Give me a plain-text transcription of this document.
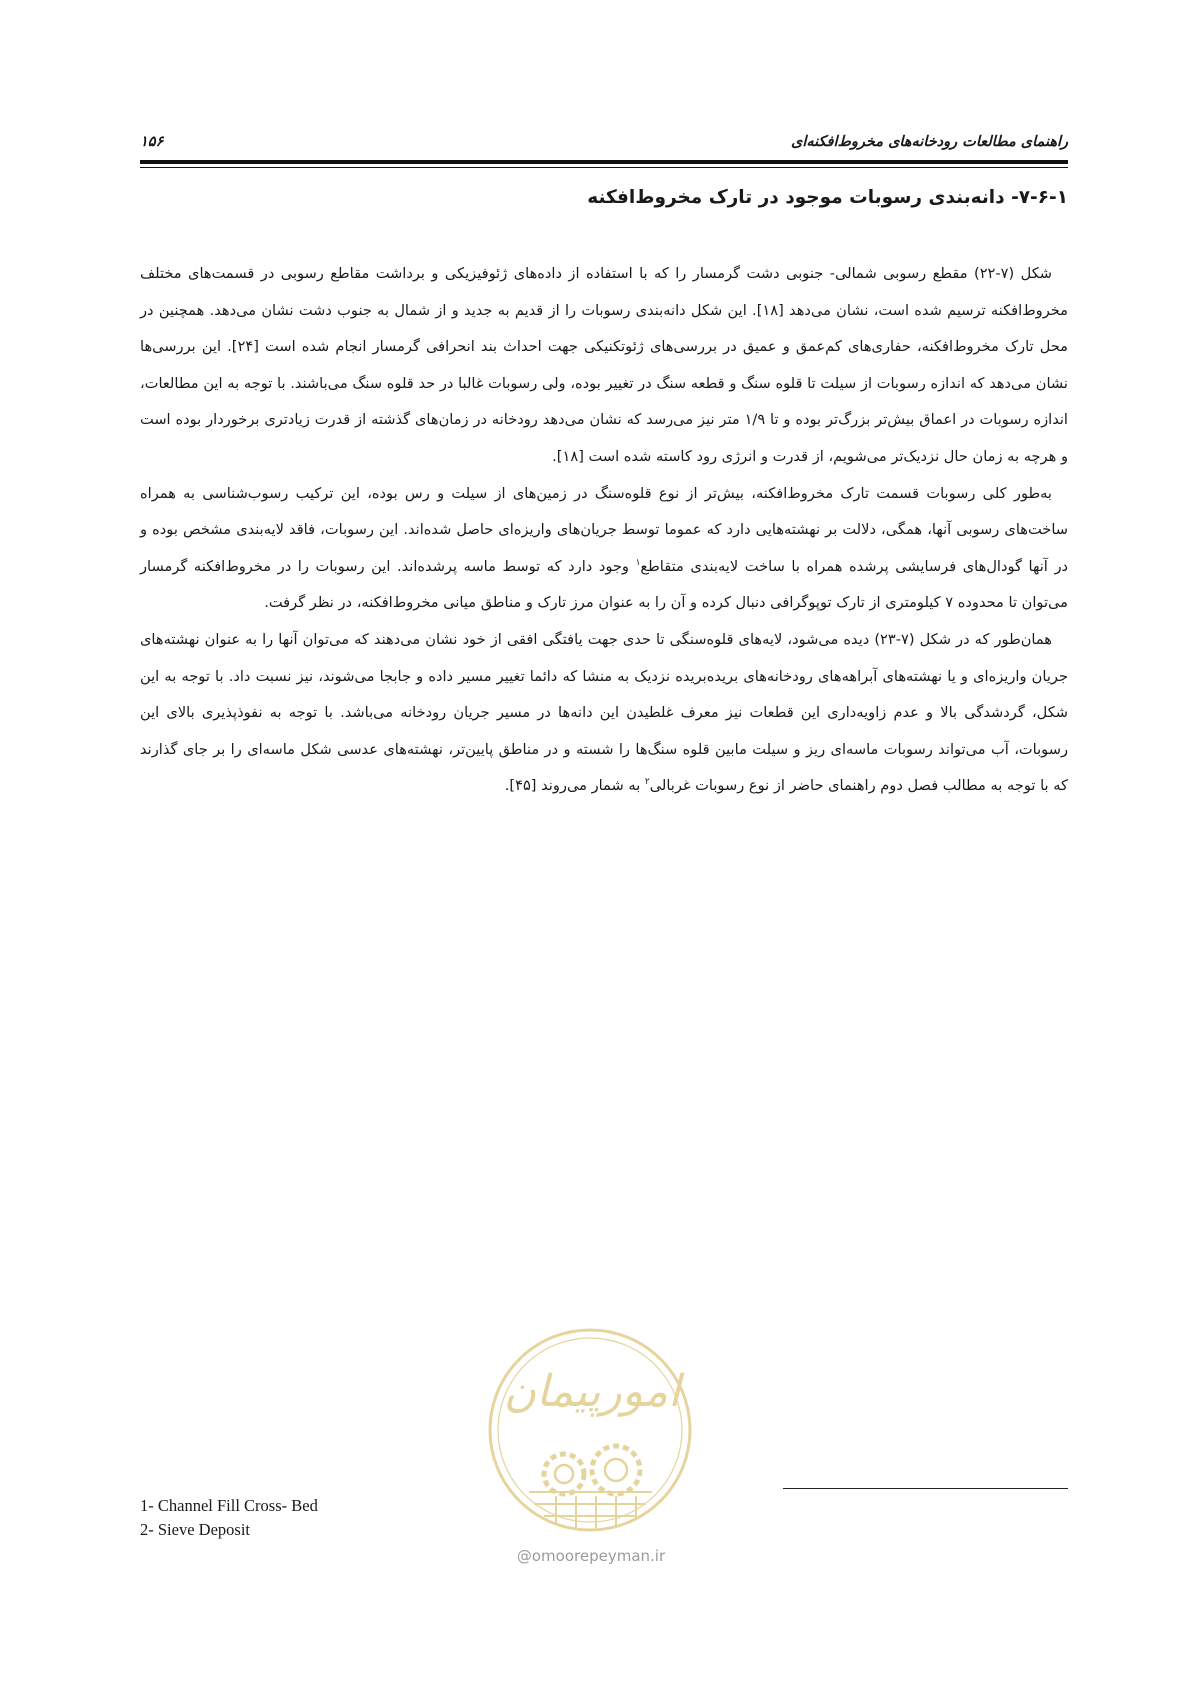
۱۵۶	راهنمای مطالعات رودخانه‌های مخروط‌افکنه‌ای
۷-۶-۱- دانه‌بندی رسوبات موجود در تارک مخروط‌افکنه

شکل (۷-۲۲) مقطع رسوبی شمالی- جنوبی دشت گرمسار را که با استفاده از داده‌های ژئوفیزیکی و برداشت مقاطع رسوبی در قسمت‌های مختلف مخروط‌افکنه ترسیم شده است، نشان می‌دهد [۱۸]. این شکل دانه‌بندی رسوبات را از قدیم به جدید و از شمال به جنوب دشت نشان می‌دهد. همچنین در محل تارک مخروط‌افکنه، حفاری‌های کم‌عمق و عمیق در بررسی‌های ژئوتکنیکی جهت احداث بند انحرافی گرمسار انجام شده است [۲۴]. این بررسی‌ها نشان می‌دهد که اندازه رسوبات از سیلت تا قلوه سنگ و قطعه سنگ در تغییر بوده، ولی رسوبات غالبا در حد قلوه سنگ می‌باشند. با توجه به این مطالعات، اندازه رسوبات در اعماق بیش‌تر بزرگ‌تر بوده و تا ۱/۹ متر نیز می‌رسد که نشان می‌دهد رودخانه در زمان‌های گذشته از قدرت زیادتری برخوردار بوده است و هرچه به زمان حال نزدیک‌تر می‌شویم، از قدرت و انرژی رود کاسته شده است [۱۸].

به‌طور کلی رسوبات قسمت تارک مخروط‌افکنه، بیش‌تر از نوع قلوه‌سنگ در زمین‌های از سیلت و رس بوده، این ترکیب رسوب‌شناسی به همراه ساخت‌های رسوبی آنها، همگی، دلالت بر نهشته‌هایی دارد که عموما توسط جریان‌های واریزه‌ای حاصل شده‌اند. این رسوبات، فاقد لایه‌بندی مشخص بوده و در آنها گودال‌های فرسایشی پرشده همراه با ساخت لایه‌بندی متقاطع$^۱$ وجود دارد که توسط ماسه پرشده‌اند. این رسوبات را در مخروط‌افکنه گرمسار می‌توان تا محدوده ۷ کیلومتری از تارک توپوگرافی دنبال کرده و آن را به عنوان مرز تارک و مناطق میانی مخروط‌افکنه، در نظر گرفت.

همان‌طور که در شکل (۷-۲۳) دیده می‌شود، لایه‌های قلوه‌سنگی تا حدی جهت یافتگی افقی از خود نشان می‌دهند که می‌توان آنها را به عنوان نهشته‌های جریان واریزه‌ای و یا نهشته‌های آبراهه‌های رودخانه‌های بریده‌بریده نزدیک به منشا که دائما تغییر مسیر داده و جابجا می‌شوند، نیز نسبت داد. با توجه به این شکل، گردشدگی بالا و عدم زاویه‌داری این قطعات نیز معرف غلطیدن این دانه‌ها در مسیر جریان رودخانه می‌باشد. با توجه به نفوذپذیری بالای این رسوبات، آب می‌تواند رسوبات ماسه‌ای ریز و سیلت مابین قلوه سنگ‌ها را شسته و در مناطق پایین‌تر، نهشته‌های عدسی شکل ماسه‌ای را بر جای گذارند که با توجه به مطالب فصل دوم راهنمای حاضر از نوع رسوبات غربالی$^۲$ به شمار می‌روند [۴۵].

امورپیمان
@omoorepeyman.ir
1- Channel Fill Cross- Bed
2- Sieve Deposit
